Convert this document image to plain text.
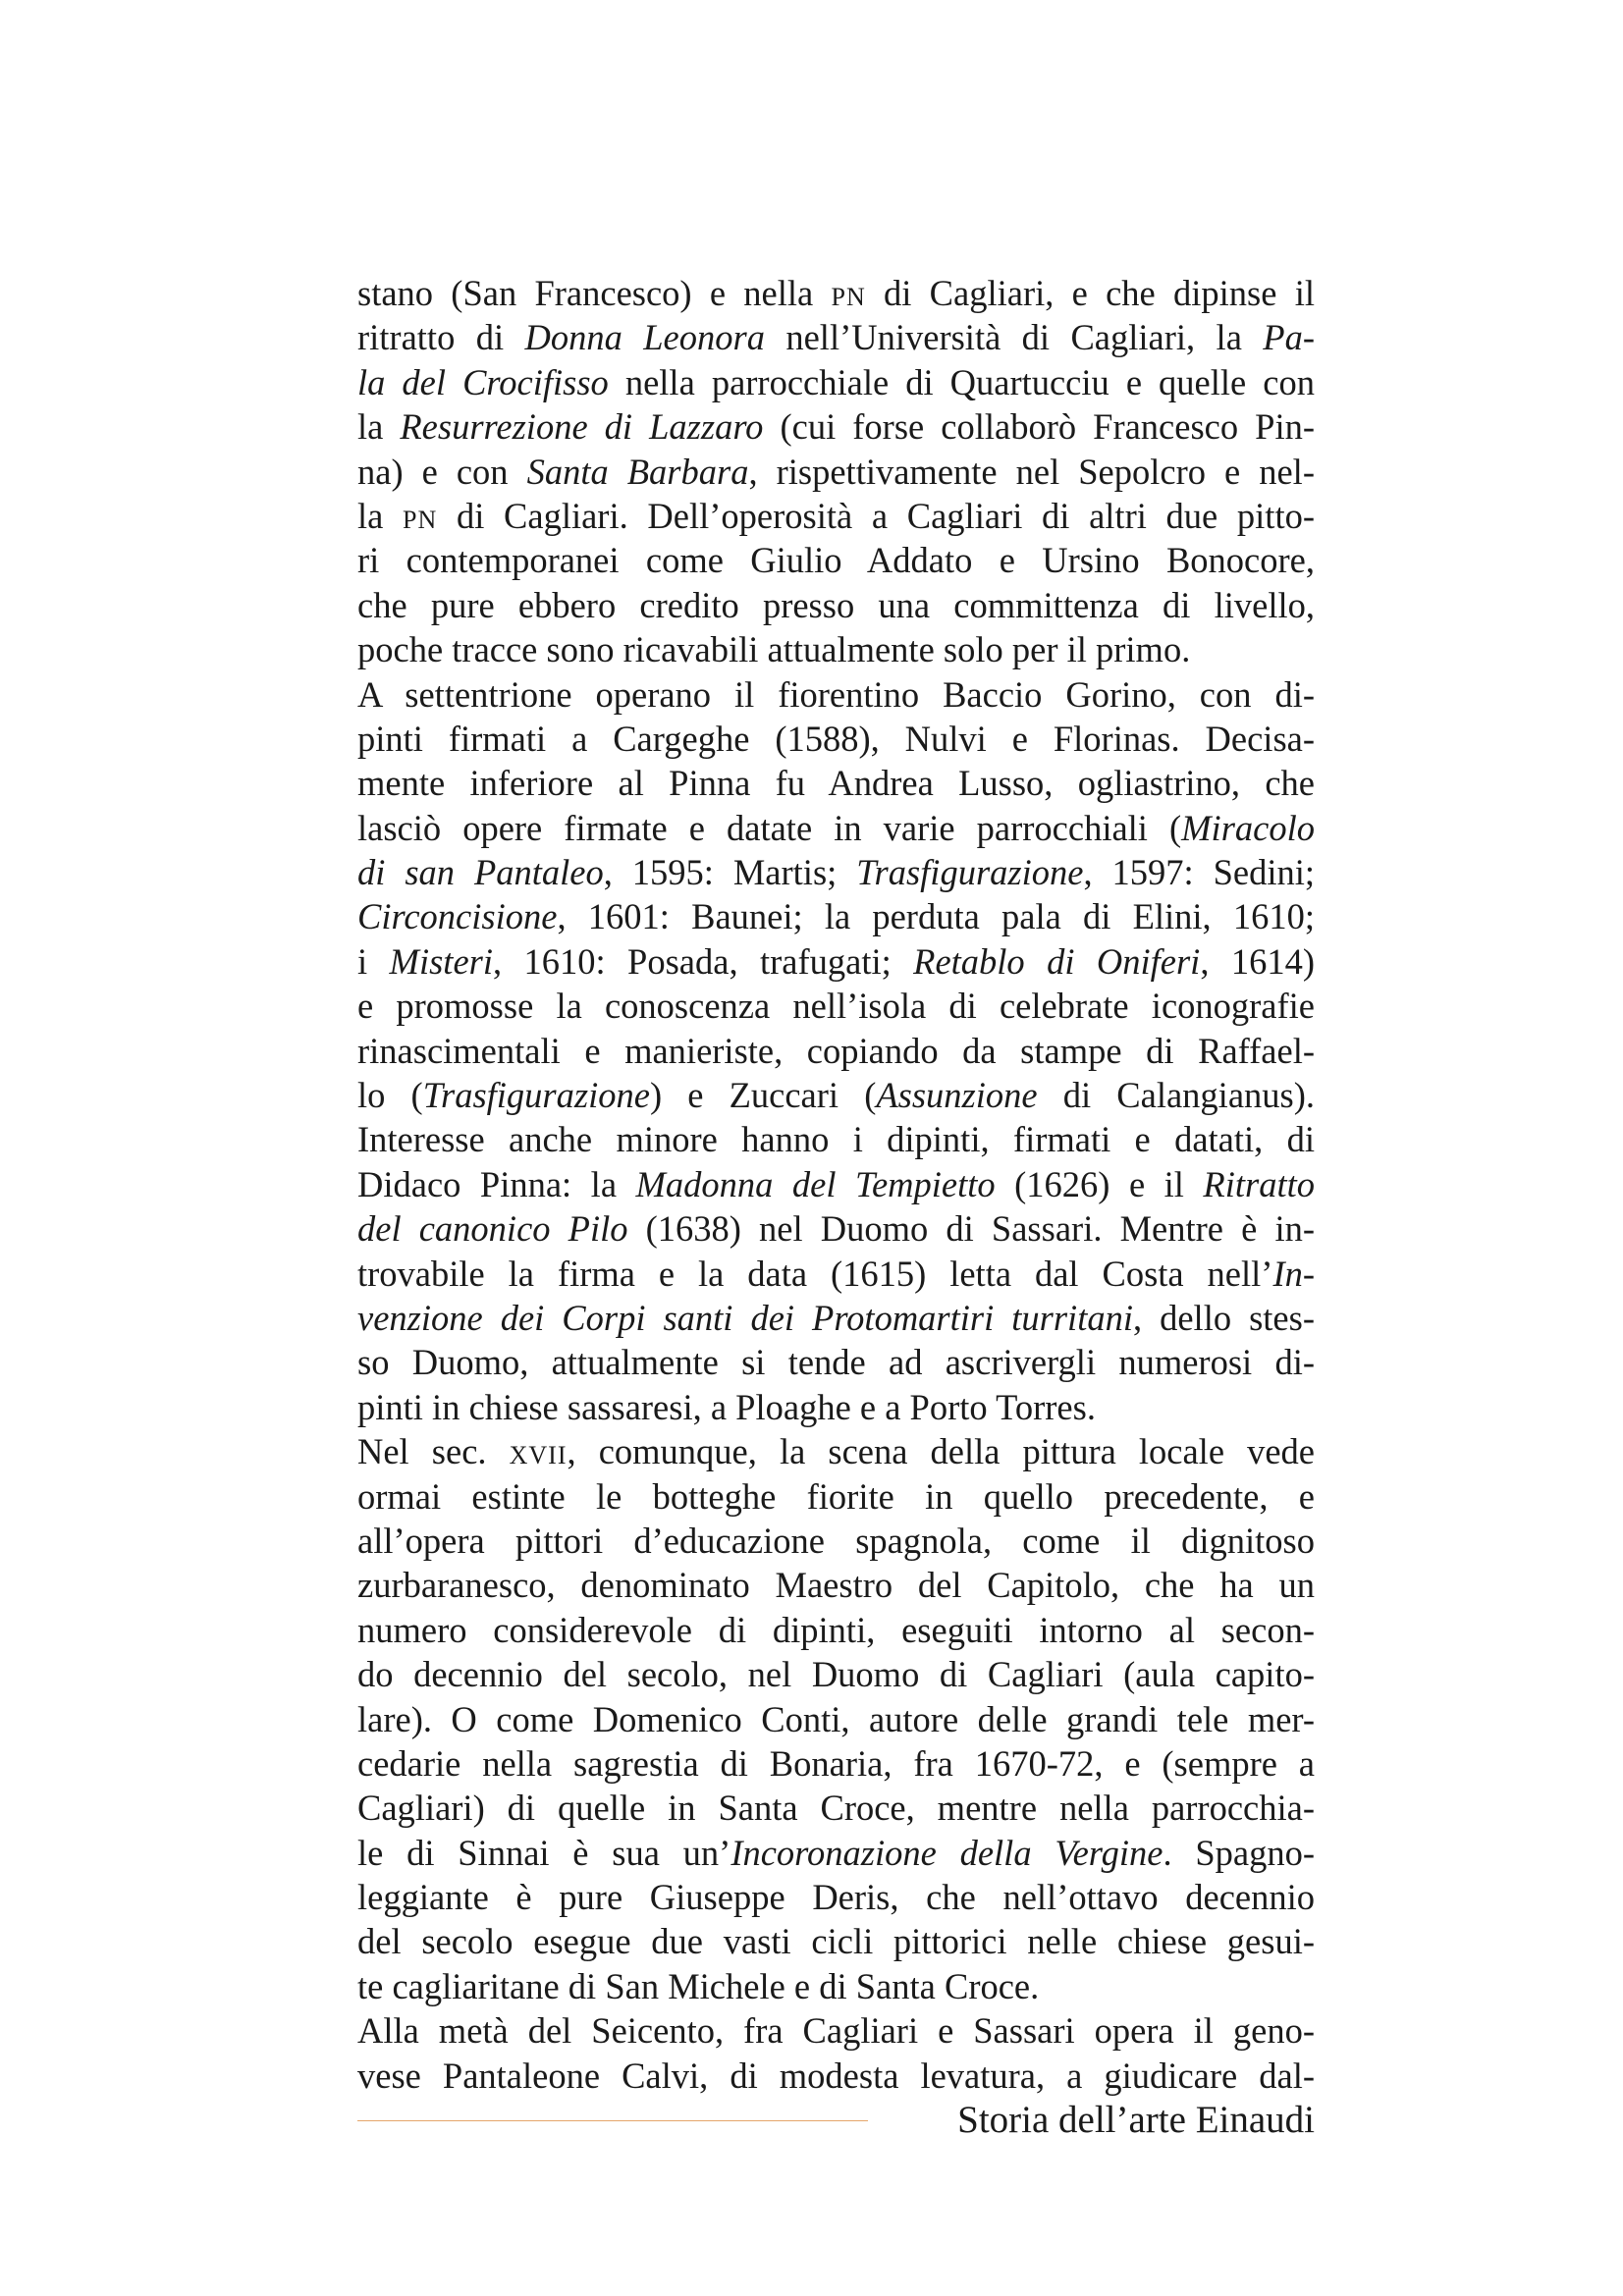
stano (San Francesco) e nella pn di Cagliari, e che dipinse il
ritratto di Donna Leonora nell’Università di Cagliari, la Pa-
la del Crocifisso nella parrocchiale di Quartucciu e quelle con
la Resurrezione di Lazzaro (cui forse collaborò Francesco Pin-
na) e con Santa Barbara, rispettivamente nel Sepolcro e nel-
la pn di Cagliari. Dell’operosità a Cagliari di altri due pitto-
ri contemporanei come Giulio Addato e Ursino Bonocore,
che pure ebbero credito presso una committenza di livello,
poche tracce sono ricavabili attualmente solo per il primo.
A settentrione operano il fiorentino Baccio Gorino, con di-
pinti firmati a Cargeghe (1588), Nulvi e Florinas. Decisa-
mente inferiore al Pinna fu Andrea Lusso, ogliastrino, che
lasciò opere firmate e datate in varie parrocchiali (Miracolo
di san Pantaleo, 1595: Martis; Trasfigurazione, 1597: Sedini;
Circoncisione, 1601: Baunei; la perduta pala di Elini, 1610;
i Misteri, 1610: Posada, trafugati; Retablo di Oniferi, 1614)
e promosse la conoscenza nell’isola di celebrate iconografie
rinascimentali e manieriste, copiando da stampe di Raffael-
lo (Trasfigurazione) e Zuccari (Assunzione di Calangianus).
Interesse anche minore hanno i dipinti, firmati e datati, di
Didaco Pinna: la Madonna del Tempietto (1626) e il Ritratto
del canonico Pilo (1638) nel Duomo di Sassari. Mentre è in-
trovabile la firma e la data (1615) letta dal Costa nell’In-
venzione dei Corpi santi dei Protomartiri turritani, dello stes-
so Duomo, attualmente si tende ad ascrivergli numerosi di-
pinti in chiese sassaresi, a Ploaghe e a Porto Torres.
Nel sec. xvii, comunque, la scena della pittura locale vede
ormai estinte le botteghe fiorite in quello precedente, e
all’opera pittori d’educazione spagnola, come il dignitoso
zurbaranesco, denominato Maestro del Capitolo, che ha un
numero considerevole di dipinti, eseguiti intorno al secon-
do decennio del secolo, nel Duomo di Cagliari (aula capito-
lare). O come Domenico Conti, autore delle grandi tele mer-
cedarie nella sagrestia di Bonaria, fra 1670-72, e (sempre a
Cagliari) di quelle in Santa Croce, mentre nella parrocchia-
le di Sinnai è sua un’Incoronazione della Vergine. Spagno-
leggiante è pure Giuseppe Deris, che nell’ottavo decennio
del secolo esegue due vasti cicli pittorici nelle chiese gesui-
te cagliaritane di San Michele e di Santa Croce.
Alla metà del Seicento, fra Cagliari e Sassari opera il geno-
vese Pantaleone Calvi, di modesta levatura, a giudicare dal-
Storia dell’arte Einaudi
